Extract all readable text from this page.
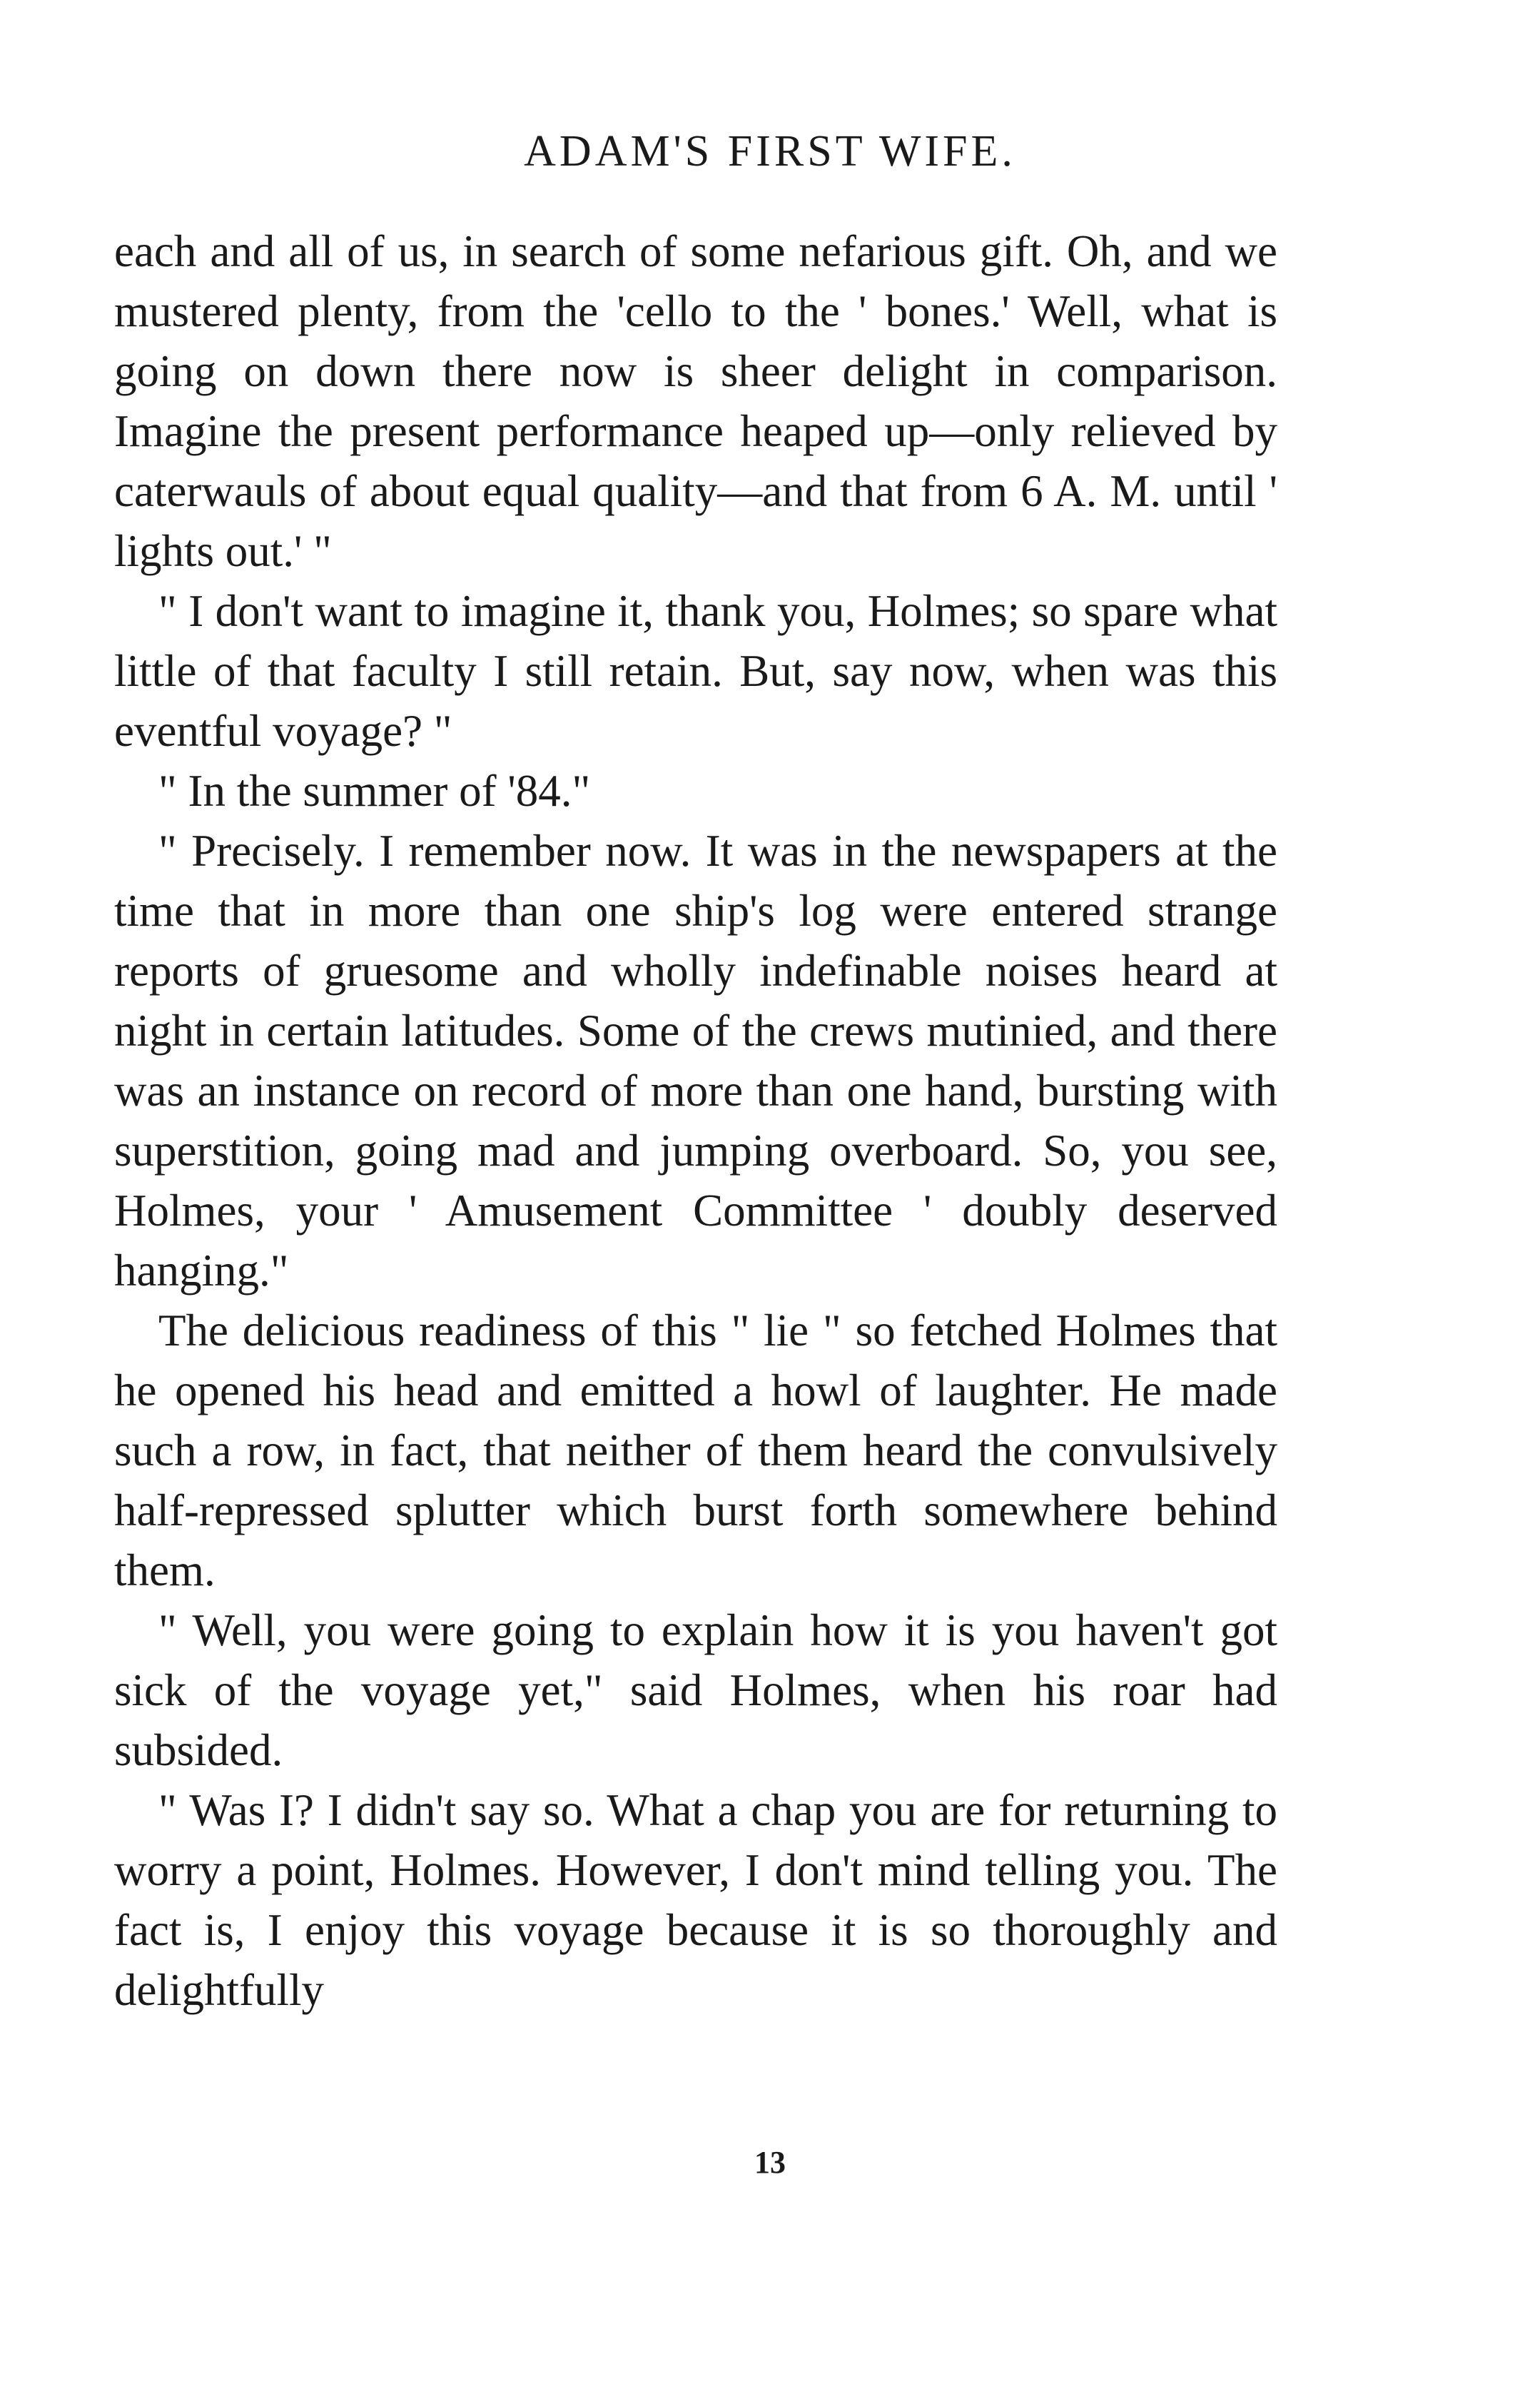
ADAM'S FIRST WIFE.

each and all of us, in search of some nefarious gift. Oh, and we mustered plenty, from the 'cello to the ' bones.' Well, what is going on down there now is sheer delight in comparison. Imagine the present performance heaped up—only relieved by caterwauls of about equal quality—and that from 6 A. M. until ' lights out.' "

" I don't want to imagine it, thank you, Holmes; so spare what little of that faculty I still retain. But, say now, when was this eventful voyage? "

" In the summer of '84."

" Precisely. I remember now. It was in the newspapers at the time that in more than one ship's log were entered strange reports of gruesome and wholly indefinable noises heard at night in certain latitudes. Some of the crews mutinied, and there was an instance on record of more than one hand, bursting with superstition, going mad and jumping overboard. So, you see, Holmes, your ' Amusement Committee ' doubly deserved hanging."

The delicious readiness of this " lie " so fetched Holmes that he opened his head and emitted a howl of laughter. He made such a row, in fact, that neither of them heard the convulsively half-repressed splutter which burst forth somewhere behind them.

" Well, you were going to explain how it is you haven't got sick of the voyage yet," said Holmes, when his roar had subsided.

" Was I? I didn't say so. What a chap you are for returning to worry a point, Holmes. However, I don't mind telling you. The fact is, I enjoy this voyage because it is so thoroughly and delightfully

13
